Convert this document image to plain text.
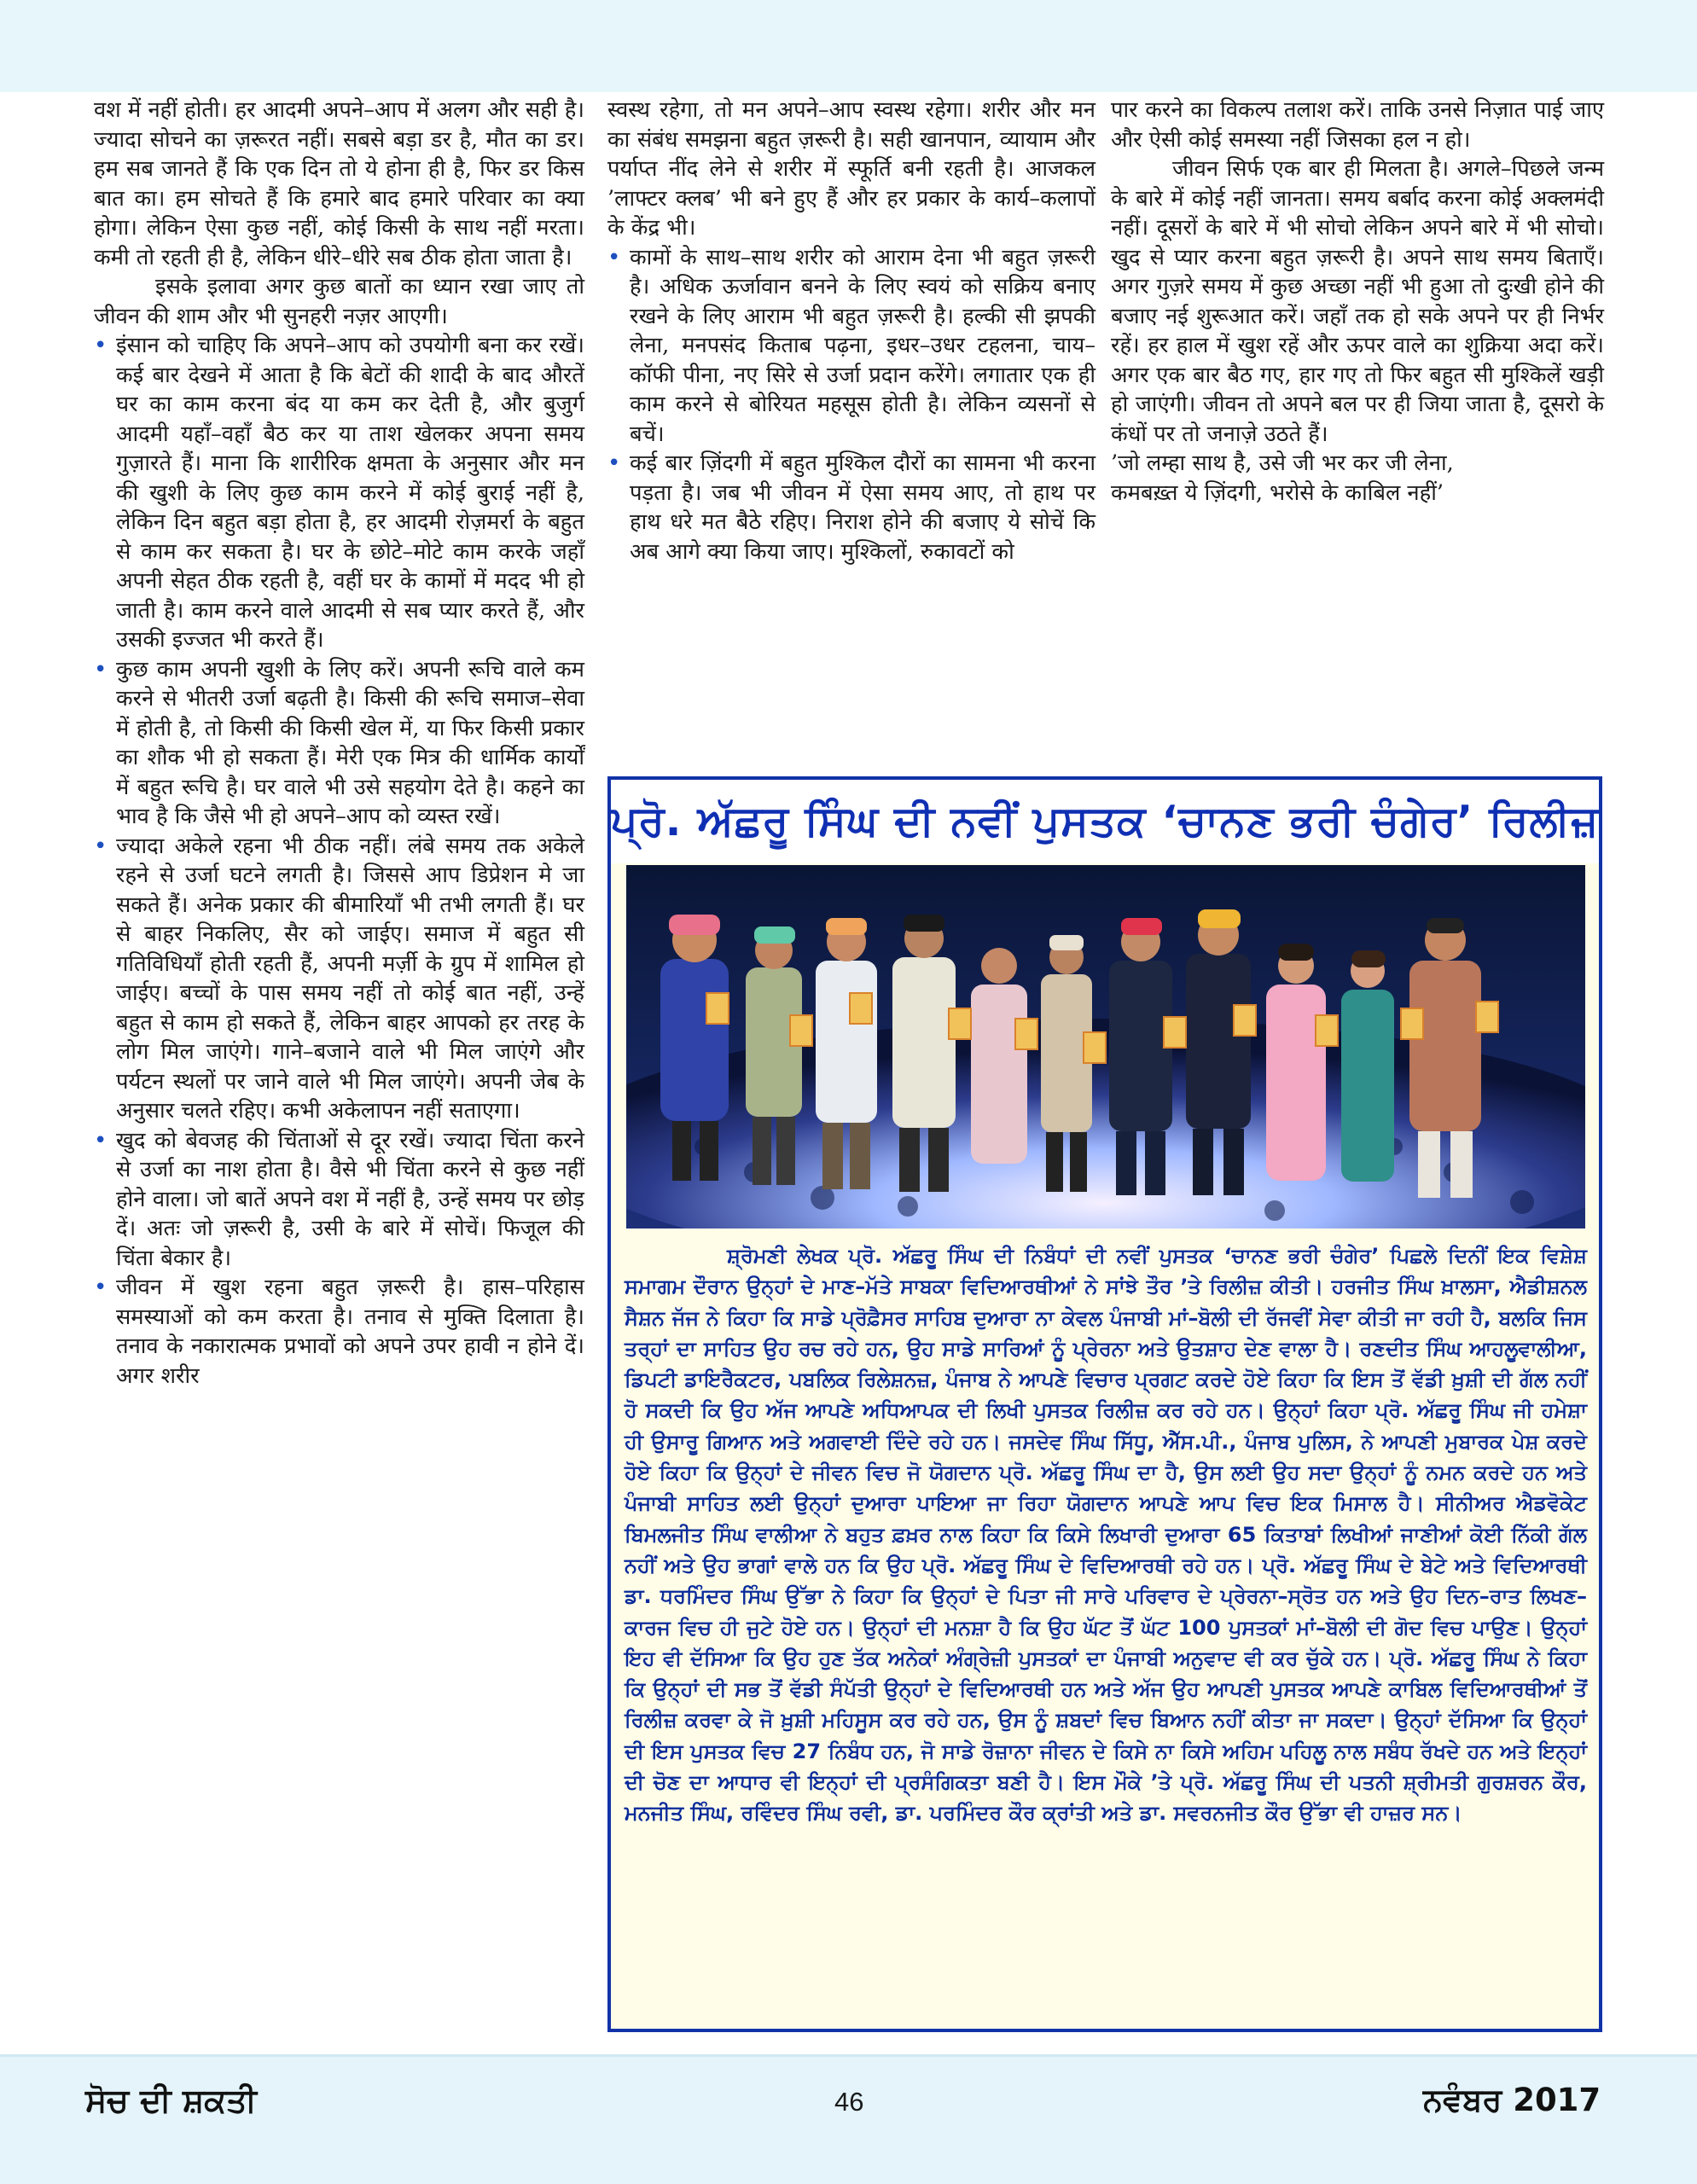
वश में नहीं होती। हर आदमी अपने–आप में अलग और सही है। ज्यादा सोचने का ज़रूरत नहीं। सबसे बड़ा डर है, मौत का डर। हम सब जानते हैं कि एक दिन तो ये होना ही है, फिर डर किस बात का। हम सोचते हैं कि हमारे बाद हमारे परिवार का क्या होगा। लेकिन ऐसा कुछ नहीं, कोई किसी के साथ नहीं मरता। कमी तो रहती ही है, लेकिन धीरे–धीरे सब ठीक होता जाता है।

इसके इलावा अगर कुछ बातों का ध्यान रखा जाए तो जीवन की शाम और भी सुनहरी नज़र आएगी।

• इंसान को चाहिए कि अपने–आप को उपयोगी बना कर रखें। कई बार देखने में आता है कि बेटों की शादी के बाद औरतें घर का काम करना बंद या कम कर देती है, और बुजुर्ग आदमी यहाँ–वहाँ बैठ कर या ताश खेलकर अपना समय गुज़ारते हैं। माना कि शारीरिक क्षमता के अनुसार और मन की खुशी के लिए कुछ काम करने में कोई बुराई नहीं है, लेकिन दिन बहुत बड़ा होता है, हर आदमी रोज़मर्रा के बहुत से काम कर सकता है। घर के छोटे–मोटे काम करके जहाँ अपनी सेहत ठीक रहती है, वहीं घर के कामों में मदद भी हो जाती है। काम करने वाले आदमी से सब प्यार करते हैं, और उसकी इज्जत भी करते हैं।
• कुछ काम अपनी खुशी के लिए करें। अपनी रूचि वाले कम करने से भीतरी उर्जा बढ़ती है। किसी की रूचि समाज–सेवा में होती है, तो किसी की किसी खेल में, या फिर किसी प्रकार का शौक भी हो सकता हैं। मेरी एक मित्र की धार्मिक कार्यों में बहुत रूचि है। घर वाले भी उसे सहयोग देते है। कहने का भाव है कि जैसे भी हो अपने–आप को व्यस्त रखें।
• ज्यादा अकेले रहना भी ठीक नहीं। लंबे समय तक अकेले रहने से उर्जा घटने लगती है। जिससे आप डिप्रेशन मे जा सकते हैं। अनेक प्रकार की बीमारियाँ भी तभी लगती हैं। घर से बाहर निकलिए, सैर को जाईए। समाज में बहुत सी गतिविधियाँ होती रहती हैं, अपनी मर्ज़ी के ग्रुप में शामिल हो जाईए। बच्चों के पास समय नहीं तो कोई बात नहीं, उन्हें बहुत से काम हो सकते हैं, लेकिन बाहर आपको हर तरह के लोग मिल जाएंगे। गाने–बजाने वाले भी मिल जाएंगे और पर्यटन स्थलों पर जाने वाले भी मिल जाएंगे। अपनी जेब के अनुसार चलते रहिए। कभी अकेलापन नहीं सताएगा।
• खुद को बेवजह की चिंताओं से दूर रखें। ज्यादा चिंता करने से उर्जा का नाश होता है। वैसे भी चिंता करने से कुछ नहीं होने वाला। जो बातें अपने वश में नहीं है, उन्हें समय पर छोड़ दें। अतः जो ज़रूरी है, उसी के बारे में सोचें। फिजूल की चिंता बेकार है।
• जीवन में खुश रहना बहुत ज़रूरी है। हास–परिहास समस्याओं को कम करता है। तनाव से मुक्ति दिलाता है। तनाव के नकारात्मक प्रभावों को अपने उपर हावी न होने दें। अगर शरीर

स्वस्थ रहेगा, तो मन अपने–आप स्वस्थ रहेगा। शरीर और मन का संबंध समझना बहुत ज़रूरी है। सही खानपान, व्यायाम और पर्याप्त नींद लेने से शरीर में स्फूर्ति बनी रहती है। आजकल ’लाफ्टर क्लब’ भी बने हुए हैं और हर प्रकार के कार्य–कलापों के केंद्र भी।

• कामों के साथ–साथ शरीर को आराम देना भी बहुत ज़रूरी है। अधिक ऊर्जावान बनने के लिए स्वयं को सक्रिय बनाए रखने के लिए आराम भी बहुत ज़रूरी है। हल्की सी झपकी लेना, मनपसंद किताब पढ़ना, इधर–उधर टहलना, चाय–कॉफी पीना, नए सिरे से उर्जा प्रदान करेंगे। लगातार एक ही काम करने से बोरियत महसूस होती है। लेकिन व्यसनों से बचें।
• कई बार ज़िंदगी में बहुत मुश्किल दौरों का सामना भी करना पड़ता है। जब भी जीवन में ऐसा समय आए, तो हाथ पर हाथ धरे मत बैठे रहिए। निराश होने की बजाए ये सोचें कि अब आगे क्या किया जाए। मुश्किलों, रुकावटों को

पार करने का विकल्प तलाश करें। ताकि उनसे निज़ात पाई जाए और ऐसी कोई समस्या नहीं जिसका हल न हो।

जीवन सिर्फ एक बार ही मिलता है। अगले–पिछले जन्म के बारे में कोई नहीं जानता। समय बर्बाद करना कोई अक्लमंदी नहीं। दूसरों के बारे में भी सोचो लेकिन अपने बारे में भी सोचो। खुद से प्यार करना बहुत ज़रूरी है। अपने साथ समय बिताएँ। अगर गुज़रे समय में कुछ अच्छा नहीं भी हुआ तो दुःखी होने की बजाए नई शुरूआत करें। जहाँ तक हो सके अपने पर ही निर्भर रहें। हर हाल में खुश रहें और ऊपर वाले का शुक्रिया अदा करें। अगर एक बार बैठ गए, हार गए तो फिर बहुत सी मुश्किलें खड़ी हो जाएंगी। जीवन तो अपने बल पर ही जिया जाता है, दूसरो के कंधों पर तो जनाज़े उठते हैं।

’जो लम्हा साथ है, उसे जी भर कर जी लेना,

कमबख़्त ये ज़िंदगी, भरोसे के काबिल नहीं’

ਪ੍ਰੋ. ਅੱਛਰੂ ਸਿੰਘ ਦੀ ਨਵੀਂ ਪੁਸਤਕ ‘ਚਾਨਣ ਭਰੀ ਚੰਗੇਰ’ ਰਿਲੀਜ਼

ਸ਼੍ਰੋਮਣੀ ਲੇਖਕ ਪ੍ਰੋ. ਅੱਛਰੂ ਸਿੰਘ ਦੀ ਨਿਬੰਧਾਂ ਦੀ ਨਵੀਂ ਪੁਸਤਕ ‘ਚਾਨਣ ਭਰੀ ਚੰਗੇਰ’ ਪਿਛਲੇ ਦਿਨੀਂ ਇਕ ਵਿਸ਼ੇਸ਼ ਸਮਾਗਮ ਦੌਰਾਨ ਉਨ੍ਹਾਂ ਦੇ ਮਾਣ–ਮੱਤੇ ਸਾਬਕਾ ਵਿਦਿਆਰਥੀਆਂ ਨੇ ਸਾਂਝੇ ਤੌਰ ’ਤੇ ਰਿਲੀਜ਼ ਕੀਤੀ। ਹਰਜੀਤ ਸਿੰਘ ਖ਼ਾਲਸਾ, ਐਡੀਸ਼ਨਲ ਸੈਸ਼ਨ ਜੱਜ ਨੇ ਕਿਹਾ ਕਿ ਸਾਡੇ ਪ੍ਰੋਫ਼ੈਸਰ ਸਾਹਿਬ ਦੁਆਰਾ ਨਾ ਕੇਵਲ ਪੰਜਾਬੀ ਮਾਂ–ਬੋਲੀ ਦੀ ਰੱਜਵੀਂ ਸੇਵਾ ਕੀਤੀ ਜਾ ਰਹੀ ਹੈ, ਬਲਕਿ ਜਿਸ ਤਰ੍ਹਾਂ ਦਾ ਸਾਹਿਤ ਉਹ ਰਚ ਰਹੇ ਹਨ, ਉਹ ਸਾਡੇ ਸਾਰਿਆਂ ਨੂੰ ਪ੍ਰੇਰਨਾ ਅਤੇ ਉਤਸ਼ਾਹ ਦੇਣ ਵਾਲਾ ਹੈ। ਰਣਦੀਤ ਸਿੰਘ ਆਹਲੂਵਾਲੀਆ, ਡਿਪਟੀ ਡਾਇਰੈਕਟਰ, ਪਬਲਿਕ ਰਿਲੇਸ਼ਨਜ਼, ਪੰਜਾਬ ਨੇ ਆਪਣੇ ਵਿਚਾਰ ਪ੍ਰਗਟ ਕਰਦੇ ਹੋਏ ਕਿਹਾ ਕਿ ਇਸ ਤੋਂ ਵੱਡੀ ਖ਼ੁਸ਼ੀ ਦੀ ਗੱਲ ਨਹੀਂ ਹੋ ਸਕਦੀ ਕਿ ਉਹ ਅੱਜ ਆਪਣੇ ਅਧਿਆਪਕ ਦੀ ਲਿਖੀ ਪੁਸਤਕ ਰਿਲੀਜ਼ ਕਰ ਰਹੇ ਹਨ। ਉਨ੍ਹਾਂ ਕਿਹਾ ਪ੍ਰੋ. ਅੱਛਰੂ ਸਿੰਘ ਜੀ ਹਮੇਸ਼ਾ ਹੀ ਉਸਾਰੂ ਗਿਆਨ ਅਤੇ ਅਗਵਾਈ ਦਿੰਦੇ ਰਹੇ ਹਨ। ਜਸਦੇਵ ਸਿੰਘ ਸਿੱਧੂ, ਐੱਸ.ਪੀ., ਪੰਜਾਬ ਪੁਲਿਸ, ਨੇ ਆਪਣੀ ਮੁਬਾਰਕ ਪੇਸ਼ ਕਰਦੇ ਹੋਏ ਕਿਹਾ ਕਿ ਉਨ੍ਹਾਂ ਦੇ ਜੀਵਨ ਵਿਚ ਜੋ ਯੋਗਦਾਨ ਪ੍ਰੋ. ਅੱਛਰੂ ਸਿੰਘ ਦਾ ਹੈ, ਉਸ ਲਈ ਉਹ ਸਦਾ ਉਨ੍ਹਾਂ ਨੂੰ ਨਮਨ ਕਰਦੇ ਹਨ ਅਤੇ ਪੰਜਾਬੀ ਸਾਹਿਤ ਲਈ ਉਨ੍ਹਾਂ ਦੁਆਰਾ ਪਾਇਆ ਜਾ ਰਿਹਾ ਯੋਗਦਾਨ ਆਪਣੇ ਆਪ ਵਿਚ ਇਕ ਮਿਸਾਲ ਹੈ। ਸੀਨੀਅਰ ਐਡਵੋਕੇਟ ਬਿਮਲਜੀਤ ਸਿੰਘ ਵਾਲੀਆ ਨੇ ਬਹੁਤ ਫ਼ਖ਼ਰ ਨਾਲ ਕਿਹਾ ਕਿ ਕਿਸੇ ਲਿਖਾਰੀ ਦੁਆਰਾ 65 ਕਿਤਾਬਾਂ ਲਿਖੀਆਂ ਜਾਣੀਆਂ ਕੋਈ ਨਿੱਕੀ ਗੱਲ ਨਹੀਂ ਅਤੇ ਉਹ ਭਾਗਾਂ ਵਾਲੇ ਹਨ ਕਿ ਉਹ ਪ੍ਰੋ. ਅੱਛਰੂ ਸਿੰਘ ਦੇ ਵਿਦਿਆਰਥੀ ਰਹੇ ਹਨ। ਪ੍ਰੋ. ਅੱਛਰੂ ਸਿੰਘ ਦੇ ਬੇਟੇ ਅਤੇ ਵਿਦਿਆਰਥੀ ਡਾ. ਧਰਮਿੰਦਰ ਸਿੰਘ ਉੱਭਾ ਨੇ ਕਿਹਾ ਕਿ ਉਨ੍ਹਾਂ ਦੇ ਪਿਤਾ ਜੀ ਸਾਰੇ ਪਰਿਵਾਰ ਦੇ ਪ੍ਰੇਰਨਾ–ਸ੍ਰੋਤ ਹਨ ਅਤੇ ਉਹ ਦਿਨ–ਰਾਤ ਲਿਖਣ–ਕਾਰਜ ਵਿਚ ਹੀ ਜੁਟੇ ਹੋਏ ਹਨ। ਉਨ੍ਹਾਂ ਦੀ ਮਨਸ਼ਾ ਹੈ ਕਿ ਉਹ ਘੱਟ ਤੋਂ ਘੱਟ 100 ਪੁਸਤਕਾਂ ਮਾਂ–ਬੋਲੀ ਦੀ ਗੋਦ ਵਿਚ ਪਾਉਣ। ਉਨ੍ਹਾਂ ਇਹ ਵੀ ਦੱਸਿਆ ਕਿ ਉਹ ਹੁਣ ਤੱਕ ਅਨੇਕਾਂ ਅੰਗ੍ਰੇਜ਼ੀ ਪੁਸਤਕਾਂ ਦਾ ਪੰਜਾਬੀ ਅਨੁਵਾਦ ਵੀ ਕਰ ਚੁੱਕੇ ਹਨ। ਪ੍ਰੋ. ਅੱਛਰੂ ਸਿੰਘ ਨੇ ਕਿਹਾ ਕਿ ਉਨ੍ਹਾਂ ਦੀ ਸਭ ਤੋਂ ਵੱਡੀ ਸੰਪੱਤੀ ਉਨ੍ਹਾਂ ਦੇ ਵਿਦਿਆਰਥੀ ਹਨ ਅਤੇ ਅੱਜ ਉਹ ਆਪਣੀ ਪੁਸਤਕ ਆਪਣੇ ਕਾਬਿਲ ਵਿਦਿਆਰਥੀਆਂ ਤੋਂ ਰਿਲੀਜ਼ ਕਰਵਾ ਕੇ ਜੋ ਖ਼ੁਸ਼ੀ ਮਹਿਸੂਸ ਕਰ ਰਹੇ ਹਨ, ਉਸ ਨੂੰ ਸ਼ਬਦਾਂ ਵਿਚ ਬਿਆਨ ਨਹੀਂ ਕੀਤਾ ਜਾ ਸਕਦਾ। ਉਨ੍ਹਾਂ ਦੱਸਿਆ ਕਿ ਉਨ੍ਹਾਂ ਦੀ ਇਸ ਪੁਸਤਕ ਵਿਚ 27 ਨਿਬੰਧ ਹਨ, ਜੋ ਸਾਡੇ ਰੋਜ਼ਾਨਾ ਜੀਵਨ ਦੇ ਕਿਸੇ ਨਾ ਕਿਸੇ ਅਹਿਮ ਪਹਿਲੂ ਨਾਲ ਸਬੰਧ ਰੱਖਦੇ ਹਨ ਅਤੇ ਇਨ੍ਹਾਂ ਦੀ ਚੋਣ ਦਾ ਆਧਾਰ ਵੀ ਇਨ੍ਹਾਂ ਦੀ ਪ੍ਰਸੰਗਿਕਤਾ ਬਣੀ ਹੈ। ਇਸ ਮੌਕੇ ’ਤੇ ਪ੍ਰੋ. ਅੱਛਰੂ ਸਿੰਘ ਦੀ ਪਤਨੀ ਸ਼੍ਰੀਮਤੀ ਗੁਰਸ਼ਰਨ ਕੌਰ, ਮਨਜੀਤ ਸਿੰਘ, ਰਵਿੰਦਰ ਸਿੰਘ ਰਵੀ, ਡਾ. ਪਰਮਿੰਦਰ ਕੌਰ ਕ੍ਰਾਂਤੀ ਅਤੇ ਡਾ. ਸਵਰਨਜੀਤ ਕੌਰ ਉੱਭਾ ਵੀ ਹਾਜ਼ਰ ਸਨ।

ਸੋਚ ਦੀ ਸ਼ਕਤੀ	46	ਨਵੰਬਰ 2017
